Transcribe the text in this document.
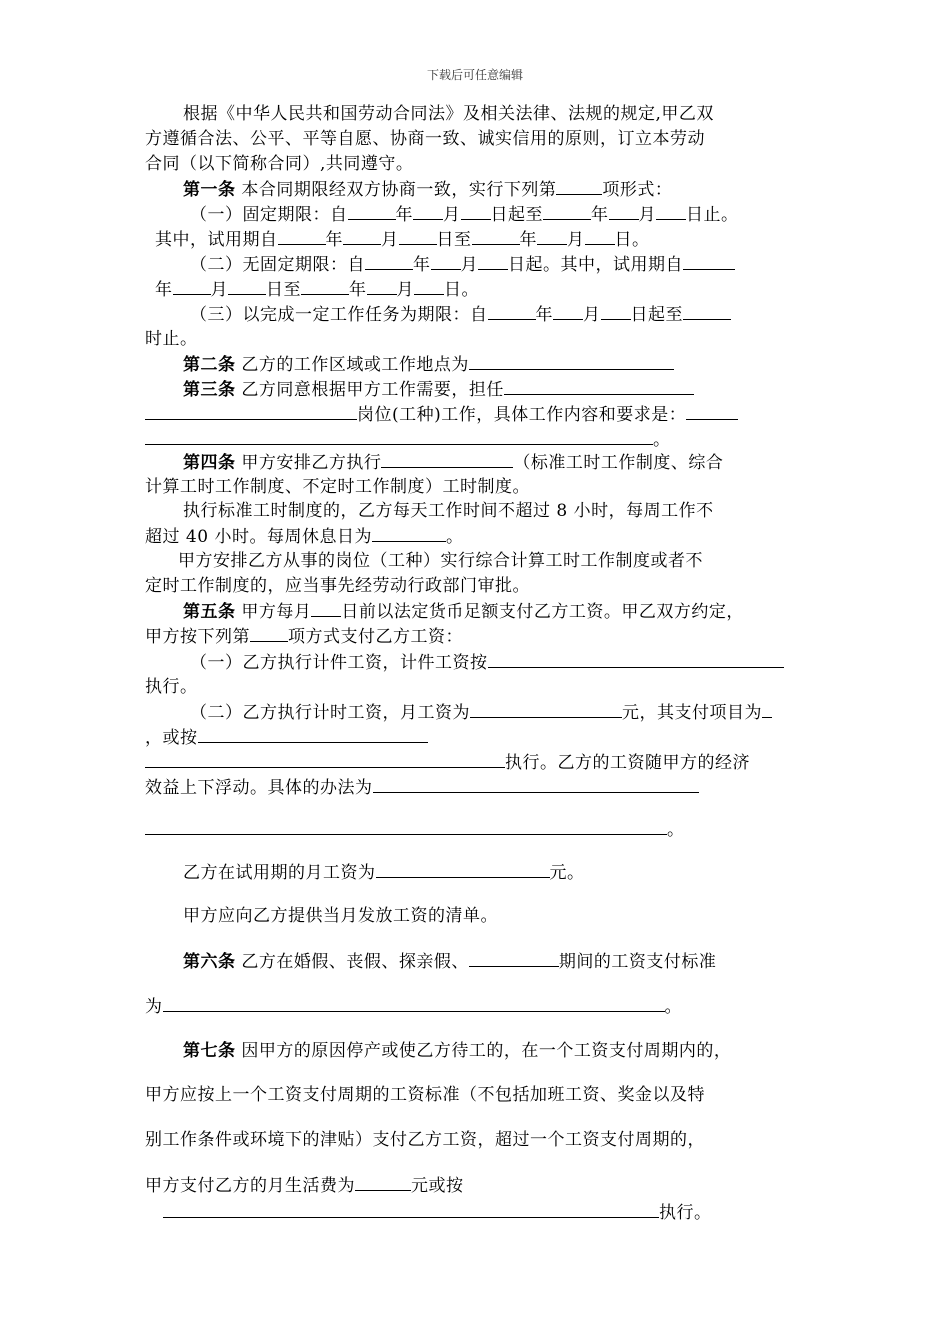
下载后可任意编辑
根据《中华人民共和国劳动合同法》及相关法律、法规的规定,甲乙双
方遵循合法、公平、平等自愿、协商一致、诚实信用的原则，订立本劳动
合同（以下简称合同）,共同遵守。
第一条 本合同期限经双方协商一致，实行下列第	项形式：
（一）固定期限：自	年 月 日起至	年 月 日止。
其中，试用期自	年 月 日至	年 月 日。
（二）无固定期限：自	年 月 日起。其中，试用期自
年 月 日至	年 月 日。
（三）以完成一定工作任务为期限：自	年 月 日起至
时止。
第二条 乙方的工作区域或工作地点为
第三条 乙方同意根据甲方工作需要，担任
岗位(工种)工作，具体工作内容和要求是：
。
第四条 甲方安排乙方执行	（标准工时工作制度、综合
计算工时工作制度、不定时工作制度）工时制度。
执行标准工时制度的，乙方每天工作时间不超过 8 小时，每周工作不
超过 40 小时。每周休息日为	。
甲方安排乙方从事的岗位（工种）实行综合计算工时工作制度或者不
定时工作制度的，应当事先经劳动行政部门审批。
第五条 甲方每月 日前以法定货币足额支付乙方工资。甲乙双方约定，
甲方按下列第 项方式支付乙方工资：
（一）乙方执行计件工资，计件工资按
执行。
（二）乙方执行计时工资，月工资为	元，其支付项目为
，或按
执行。乙方的工资随甲方的经济
效益上下浮动。具体的办法为
。
乙方在试用期的月工资为	元。
甲方应向乙方提供当月发放工资的清单。
第六条 乙方在婚假、丧假、探亲假、	期间的工资支付标准
为	。
第七条 因甲方的原因停产或使乙方待工的，在一个工资支付周期内的，
甲方应按上一个工资支付周期的工资标准（不包括加班工资、奖金以及特
别工作条件或环境下的津贴）支付乙方工资，超过一个工资支付周期的，
甲方支付乙方的月生活费为	元或按
执行。
